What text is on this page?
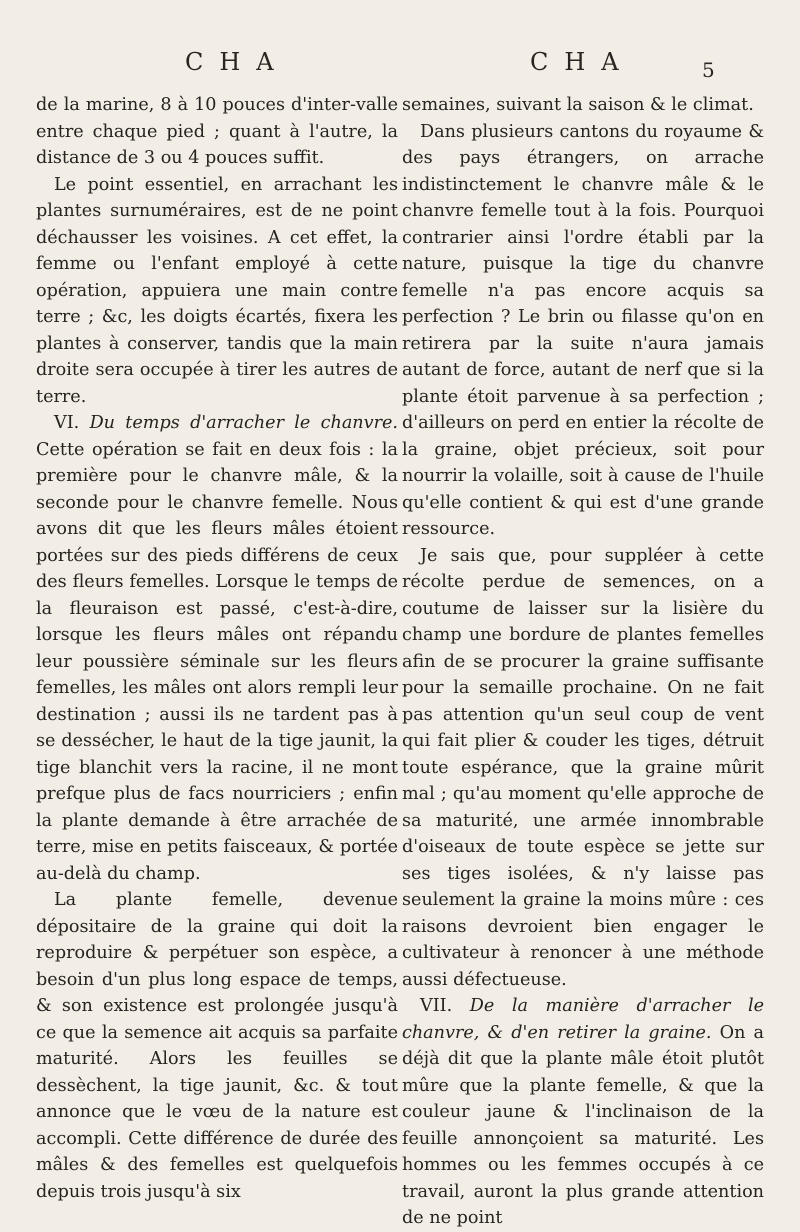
CHA	CHA	5

de la marine, 8 à 10 pouces d'inter-valle entre chaque pied ; quant à l'autre, la distance de 3 ou 4 pouces suffit.

Le point essentiel, en arrachant les plantes surnuméraires, est de ne point déchausser les voisines. A cet effet, la femme ou l'enfant employé à cette opération, appuiera une main contre terre ; &c, les doigts écartés, fixera les plantes à conserver, tandis que la main droite sera occupée à tirer les autres de terre.

VI. Du temps d'arracher le chanvre. Cette opération se fait en deux fois : la première pour le chanvre mâle, & la seconde pour le chanvre femelle. Nous avons dit que les fleurs mâles étoient portées sur des pieds différens de ceux des fleurs femelles. Lorsque le temps de la fleuraison est passé, c'est-à-dire, lorsque les fleurs mâles ont répandu leur poussière séminale sur les fleurs femelles, les mâles ont alors rempli leur destination ; aussi ils ne tardent pas à se dessécher, le haut de la tige jaunit, la tige blanchit vers la racine, il ne mont prefque plus de facs nourriciers ; enfin la plante demande à être arrachée de terre, mise en petits faisceaux, & portée au-delà du champ.

La plante femelle, devenue dépositaire de la graine qui doit la reproduire & perpétuer son espèce, a besoin d'un plus long espace de temps, & son existence est prolongée jusqu'à ce que la semence ait acquis sa parfaite maturité. Alors les feuilles se dessèchent, la tige jaunit, &c. & tout annonce que le vœu de la nature est accompli. Cette différence de durée des mâles & des femelles est quelquefois depuis trois jusqu'à six

semaines, suivant la saison & le climat.

Dans plusieurs cantons du royaume & des pays étrangers, on arrache indistinctement le chanvre mâle & le chanvre femelle tout à la fois. Pourquoi contrarier ainsi l'ordre établi par la nature, puisque la tige du chanvre femelle n'a pas encore acquis sa perfection ? Le brin ou filasse qu'on en retirera par la suite n'aura jamais autant de force, autant de nerf que si la plante étoit parvenue à sa perfection ; d'ailleurs on perd en entier la récolte de la graine, objet précieux, soit pour nourrir la volaille, soit à cause de l'huile qu'elle contient & qui est d'une grande ressource.

Je sais que, pour suppléer à cette récolte perdue de semences, on a coutume de laisser sur la lisière du champ une bordure de plantes femelles afin de se procurer la graine suffisante pour la semaille prochaine. On ne fait pas attention qu'un seul coup de vent qui fait plier & couder les tiges, détruit toute espérance, que la graine mûrit mal ; qu'au moment qu'elle approche de sa maturité, une armée innombrable d'oiseaux de toute espèce se jette sur ses tiges isolées, & n'y laisse pas seulement la graine la moins mûre : ces raisons devroient bien engager le cultivateur à renoncer à une méthode aussi défectueuse.

VII. De la manière d'arracher le chanvre, & d'en retirer la graine. On a déjà dit que la plante mâle étoit plutôt mûre que la plante femelle, & que la couleur jaune & l'inclinaison de la feuille annonçoient sa maturité. Les hommes ou les femmes occupés à ce travail, auront la plus grande attention de ne point
